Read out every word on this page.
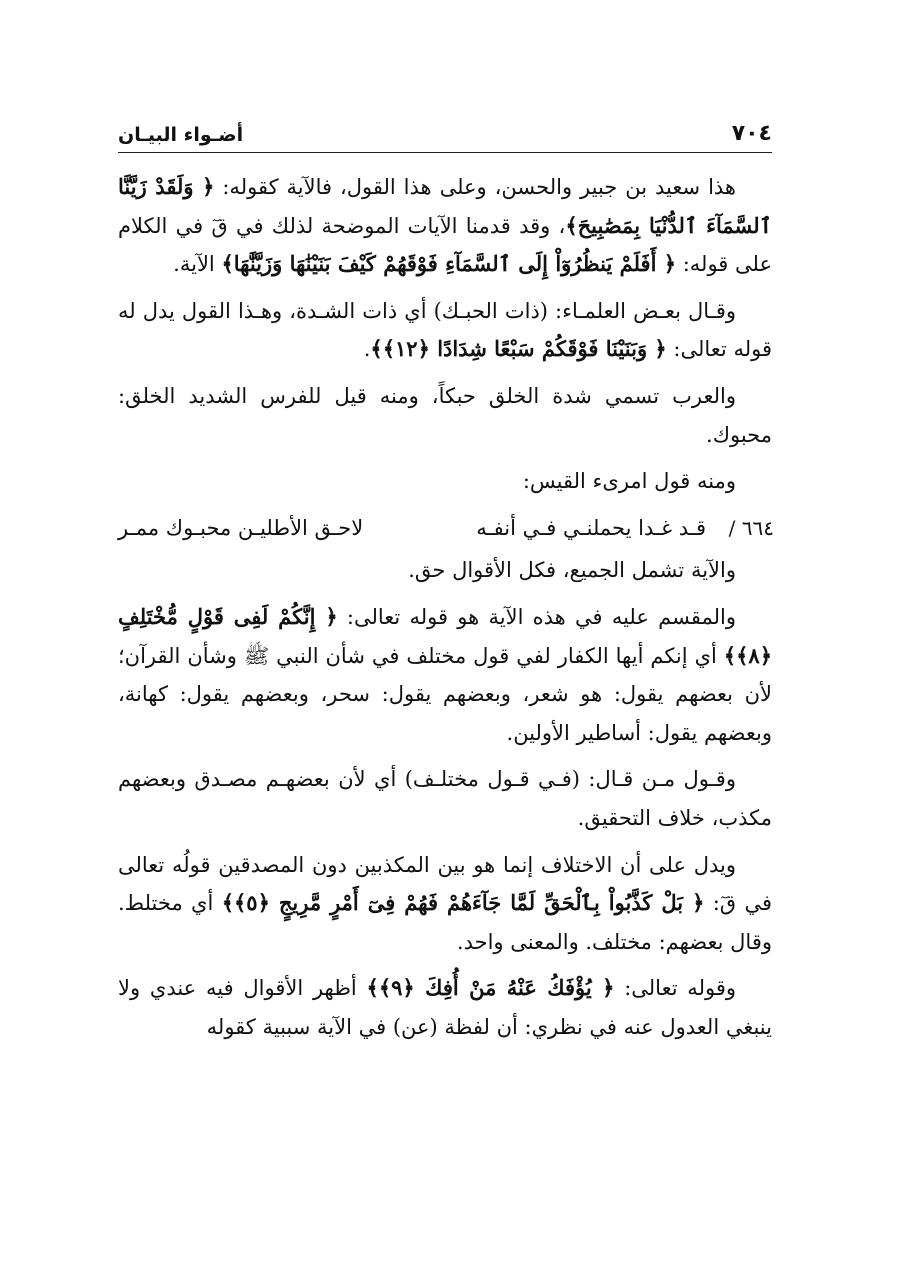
٧٠٤
أضـواء البيـان

هذا سعيد بن جبير والحسن، وعلى هذا القول، فالآية كقوله: ﴿ وَلَقَدْ زَيَّنَّا ٱلسَّمَآءَ ٱلدُّنْيَا بِمَصَٰبِيحَ﴾، وقد قدمنا الآيات الموضحة لذلك في قٓ في الكلام على قوله: ﴿ أَفَلَمْ يَنظُرُوٓاْ إِلَى ٱلسَّمَآءِ فَوْقَهُمْ كَيْفَ بَنَيْنَٰهَا وَزَيَّنَّٰهَا﴾ الآية.

وقـال بعـض العلمـاء: (ذات الحبـك) أي ذات الشـدة، وهـذا القول يدل له قوله تعالى: ﴿ وَبَنَيْنَا فَوْقَكُمْ سَبْعًا شِدَادًا ﴿١٢﴾﴾.

والعرب تسمي شدة الخلق حبكاً، ومنه قيل للفرس الشديد الخلق: محبوك.

ومنه قول امرىء القيس:

٦٦٤ /
قـد غـدا يحملنـي فـي أنفـه
لاحـق الأطليـن محبـوك ممـر

والآية تشمل الجميع، فكل الأقوال حق.

والمقسم عليه في هذه الآية هو قوله تعالى: ﴿ إِنَّكُمْ لَفِى قَوْلٍ مُّخْتَلِفٍ ﴿٨﴾﴾ أي إنكم أيها الكفار لفي قول مختلف في شأن النبي ﷺ وشأن القرآن؛ لأن بعضهم يقول: هو شعر، وبعضهم يقول: سحر، وبعضهم يقول: كهانة، وبعضهم يقول: أساطير الأولين.

وقـول مـن قـال: (فـي قـول مختلـف) أي لأن بعضهـم مصـدق وبعضهم مكذب، خلاف التحقيق.

ويدل على أن الاختلاف إنما هو بين المكذبين دون المصدقين قولُه تعالى في قٓ: ﴿ بَلْ كَذَّبُواْ بِٱلْحَقِّ لَمَّا جَآءَهُمْ فَهُمْ فِىٓ أَمْرٍ مَّرِيجٍ ﴿٥﴾﴾ أي مختلط. وقال بعضهم: مختلف. والمعنى واحد.

وقوله تعالى: ﴿ يُؤْفَكُ عَنْهُ مَنْ أُفِكَ ﴿٩﴾﴾ أظهر الأقوال فيه عندي ولا ينبغي العدول عنه في نظري: أن لفظة (عن) في الآية سببية كقوله
